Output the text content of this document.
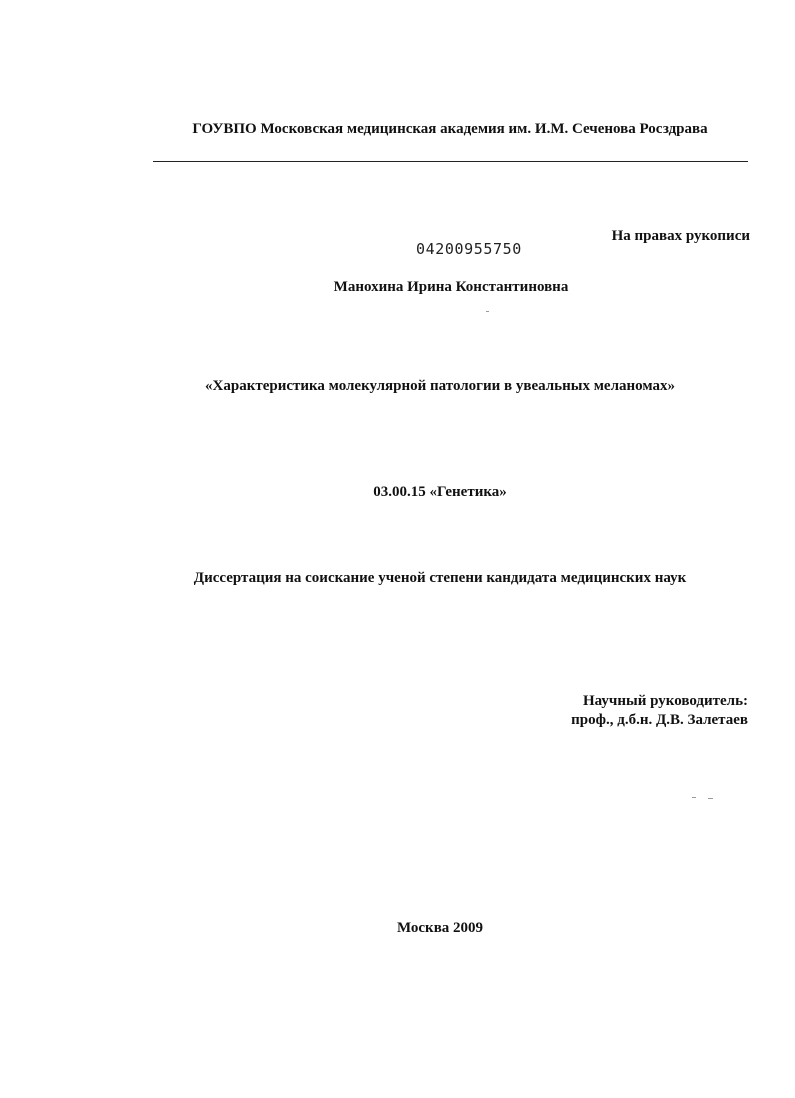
ГОУВПО Московская медицинская академия им. И.М. Сеченова Росздрава
На правах рукописи
04200955750
Манохина Ирина Константиновна
«Характеристика молекулярной патологии в увеальных меланомах»
03.00.15 «Генетика»
Диссертация на соискание ученой степени кандидата медицинских наук
Научный руководитель:
проф., д.б.н. Д.В. Залетаев
Москва 2009
